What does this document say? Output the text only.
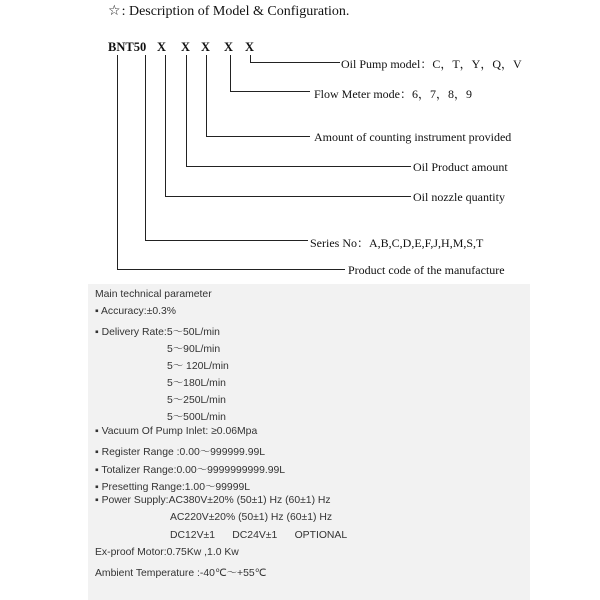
☆: Description of Model & Configuration.
BNT50 X X X X X
Oil Pump model：C，T，Y，Q，V
Flow Meter mode：6，7，8，9
Amount of counting instrument provided
Oil Product amount
Oil nozzle quantity
Series No：A,B,C,D,E,F,J,H,M,S,T
Product code of the manufacture
Main technical parameter
▪ Accuracy:±0.3%
▪ Delivery Rate:5～50L/min
5～90L/min
5～ 120L/min
5～180L/min
5～250L/min
5～500L/min
▪ Vacuum Of Pump Inlet: ≥0.06Mpa
▪ Register Range :0.00～999999.99L
▪ Totalizer Range:0.00～9999999999.99L
▪ Presetting Range:1.00～99999L
▪ Power Supply:AC380V±20% (50±1) Hz (60±1) Hz
AC220V±20% (50±1) Hz (60±1) Hz
DC12V±1      DC24V±1      OPTIONAL
Ex-proof Motor:0.75Kw ,1.0 Kw
Ambient Temperature :-40℃～+55℃
